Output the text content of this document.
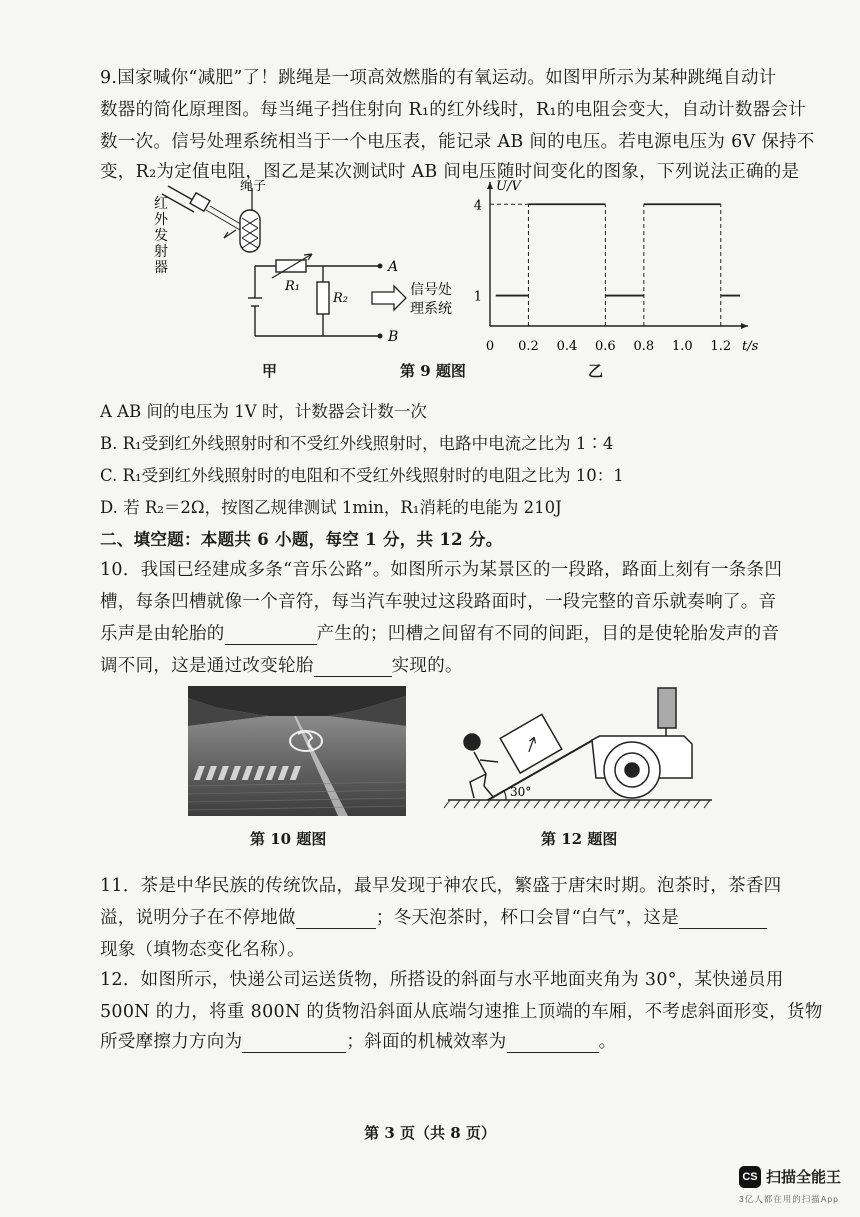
9.国家喊你“减肥”了！跳绳是一项高效燃脂的有氧运动。如图甲所示为某种跳绳自动计
数器的简化原理图。每当绳子挡住射向 R₁的红外线时，R₁的电阻会变大，自动计数器会计
数一次。信号处理系统相当于一个电压表，能记录 AB 间的电压。若电源电压为 6V 保持不
变，R₂为定值电阻，图乙是某次测试时 AB 间电压随时间变化的图象，下列说法正确的是
红 外 发 射 器
绳子
R₁
R₂
A
B
信号处
理系统
U/V
t/s
0 0.2 0.4 0.6 0.8 1.0 1.2
1
4
甲	第 9 题图	乙
A AB 间的电压为 1V 时，计数器会计数一次
B. R₁受到红外线照射时和不受红外线照射时，电路中电流之比为 1∶4
C. R₁受到红外线照射时的电阻和不受红外线照射时的电阻之比为 10：1
D. 若 R₂＝2Ω，按图乙规律测试 1min，R₁消耗的电能为 210J
二、填空题：本题共 6 小题，每空 1 分，共 12 分。
10．我国已经建成多条“音乐公路”。如图所示为某景区的一段路，路面上刻有一条条凹
槽，每条凹槽就像一个音符，每当汽车驶过这段路面时，一段完整的音乐就奏响了。音
乐声是由轮胎的	产生的；凹槽之间留有不同的间距，目的是使轮胎发声的音
调不同，这是通过改变轮胎	实现的。
30°
第 10 题图	第 12 题图
11．茶是中华民族的传统饮品，最早发现于神农氏，繁盛于唐宋时期。泡茶时，茶香四
溢，说明分子在不停地做	；冬天泡茶时，杯口会冒“白气”，这是
现象（填物态变化名称）。
12．如图所示，快递公司运送货物，所搭设的斜面与水平地面夹角为 30°，某快递员用
500N 的力，将重 800N 的货物沿斜面从底端匀速推上顶端的车厢，不考虑斜面形变，货物
所受摩擦力方向为	；斜面的机械效率为	。
第 3 页（共 8 页）
CS 扫描全能王
3亿人都在用的扫描App
